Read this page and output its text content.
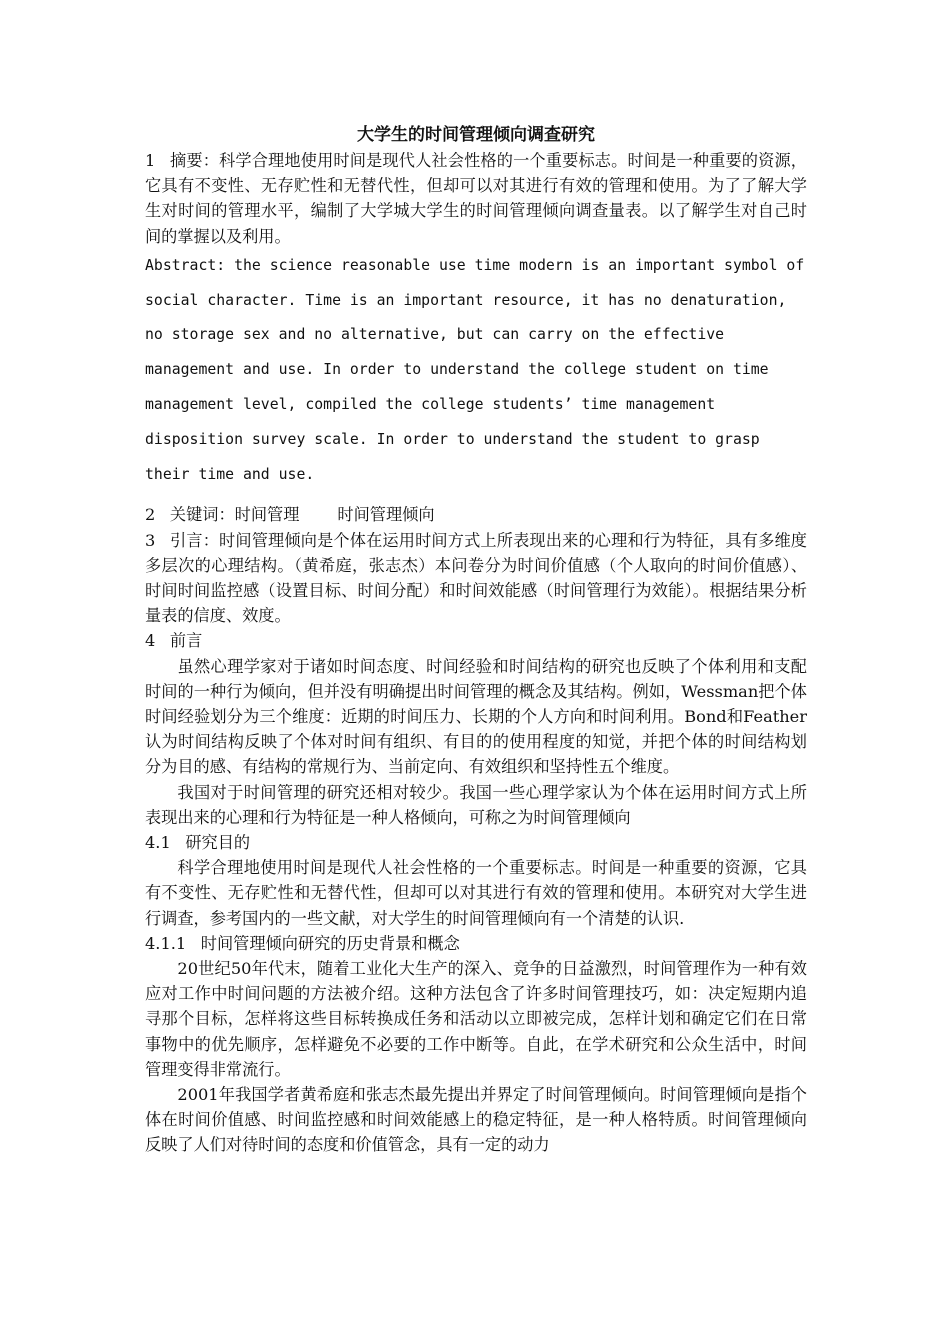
大学生的时间管理倾向调查研究

1 摘要：科学合理地使用时间是现代人社会性格的一个重要标志。时间是一种重要的资源，它具有不变性、无存贮性和无替代性，但却可以对其进行有效的管理和使用。为了了解大学生对时间的管理水平，编制了大学城大学生的时间管理倾向调查量表。以了解学生对自己时间的掌握以及利用。

Abstract: the science reasonable use time modern is an important symbol of social character. Time is an important resource, it has no denaturation, no storage sex and no alternative, but can carry on the effective management and use. In order to understand the college student on time management level, compiled the college students’ time management disposition survey scale. In order to understand the student to grasp their time and use.

2 关键词：时间管理 时间管理倾向

3 引言：时间管理倾向是个体在运用时间方式上所表现出来的心理和行为特征，具有多维度多层次的心理结构。（黄希庭，张志杰）本问卷分为时间价值感（个人取向的时间价值感）、时间时间监控感（设置目标、时间分配）和时间效能感（时间管理行为效能）。根据结果分析量表的信度、效度。

4 前言

虽然心理学家对于诸如时间态度、时间经验和时间结构的研究也反映了个体利用和支配时间的一种行为倾向，但并没有明确提出时间管理的概念及其结构。例如，Wessman把个体时间经验划分为三个维度：近期的时间压力、长期的个人方向和时间利用。Bond和Feather认为时间结构反映了个体对时间有组织、有目的的使用程度的知觉，并把个体的时间结构划分为目的感、有结构的常规行为、当前定向、有效组织和坚持性五个维度。

我国对于时间管理的研究还相对较少。我国一些心理学家认为个体在运用时间方式上所表现出来的心理和行为特征是一种人格倾向，可称之为时间管理倾向

4.1 研究目的

科学合理地使用时间是现代人社会性格的一个重要标志。时间是一种重要的资源，它具有不变性、无存贮性和无替代性，但却可以对其进行有效的管理和使用。本研究对大学生进行调查，参考国内的一些文献，对大学生的时间管理倾向有一个清楚的认识.

4.1.1 时间管理倾向研究的历史背景和概念

20世纪50年代末，随着工业化大生产的深入、竞争的日益激烈，时间管理作为一种有效应对工作中时间问题的方法被介绍。这种方法包含了许多时间管理技巧，如：决定短期内追寻那个目标，怎样将这些目标转换成任务和活动以立即被完成，怎样计划和确定它们在日常事物中的优先顺序，怎样避免不必要的工作中断等。自此，在学术研究和公众生活中，时间管理变得非常流行。

2001年我国学者黄希庭和张志杰最先提出并界定了时间管理倾向。时间管理倾向是指个体在时间价值感、时间监控感和时间效能感上的稳定特征，是一种人格特质。时间管理倾向反映了人们对待时间的态度和价值管念，具有一定的动力
